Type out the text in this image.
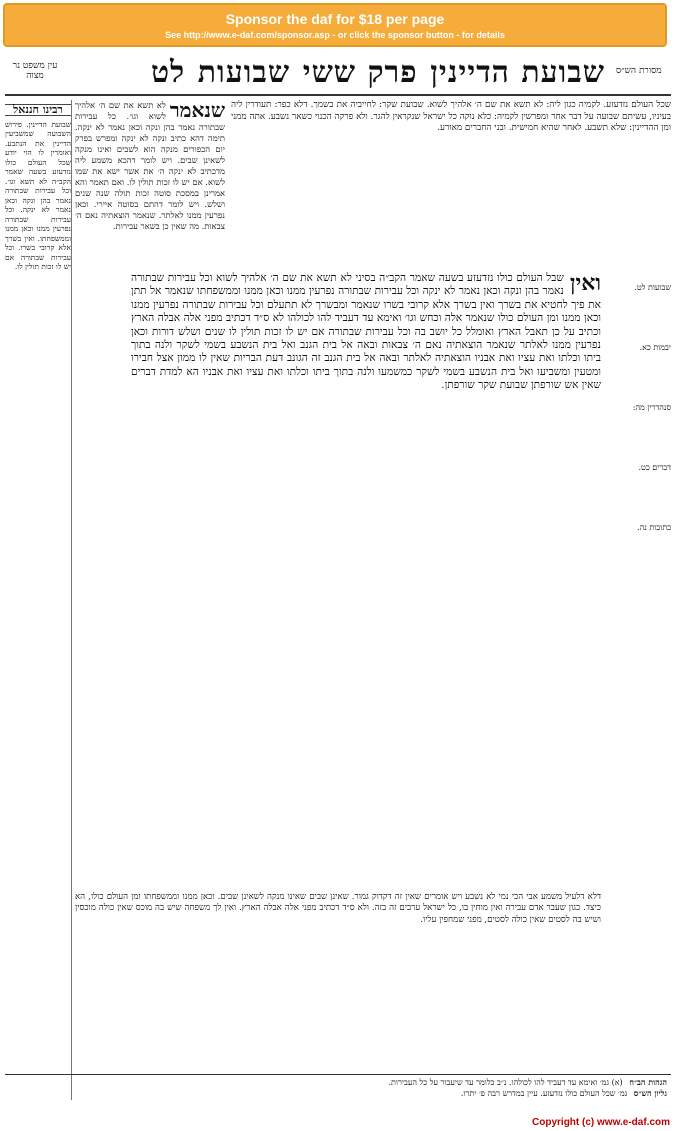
Sponsor the daf for $18 per page
See http://www.e-daf.com/sponsor.asp - or click the sponsor button - for details
מסורת הש״ס
שבועת הדיינין
פרק ששי
שבועות
לט
עין משפט נר מצוה
שכל העולם נזדעזע. לקמיה כגון ליה: לא תשא את שם ה׳ אלהיך לשוא. שבועת שקר: לחייביה את בשמך. דלא כפר: תעודרין ליה בעיניו, עשיתם שבועה על דבר אחר ומפרשין לקמיה: כלא נוקה כל ישראל שנקראין להגר. ולא פרקה הכנוי כשאר נשבע. אתה ממני ומן ההדיינין: שלא תשבע. לאחר שהיא חמישית. ובני החברים מאורע.
ואין
שבל העולם כולו נזדעזע בשעה שאמר הקב״ה בסיני לא תשא את שם ה׳ אלהיך לשוא וכל עבירות שבתורה נאמר בהן ונקה וכאן נאמר לא ינקה וכל עבירות שבתורה נפרעין ממנו וכאן ממנו וממשפחתו שנאמר אל תתן את פיך לחטיא את בשרך ואין בשרך אלא קרובי בשרו שנאמר ומבשרך לא תתעלם וכל עבירות שבתורה נפרעין ממנו וכאן ממנו ומן העולם כולו שנאמר אלה וכחש וגו׳ ואימא עד דעביד להו לכולהו לא ס״ד דכתיב מפני אלה אבלה הארץ וכתיב על כן תאבל הארץ ואומלל כל יושב בה וכל עבירות שבתורה אם יש לו זכות תולין לו שנים ושלש דורות וכאן נפרעין ממנו לאלתר שנאמר הוצאתיה נאם ה׳ צבאות ובאה אל בית הגנב ואל בית הנשבע בשמי לשקר ולנה בתוך ביתו וכלתו ואת עציו ואת אבניו הוצאתיה לאלתר ובאה אל בית הגנב זה הגונב דעת הבריות שאין לו ממון אצל חבירו ומטעין ומשביעו ואל בית הנשבע בשמי לשקר כמשמעו ולנה בתוך ביתו וכלתו ואת עציו ואת אבניו הא למדת דברים שאין אש שורפתן שבועת שקר שורפתן.
שנאמר
לא תשא את שם ה׳ אלהיך לשוא וגו׳. כל עבירות שבתורה נאמר בהן ונקה וכאן נאמר לא ינקה. תימה דהא כתיב ונקה לא ינקה ומפרש בפרק יום הכפורים מנקה הוא לשבים ואינו מנקה לשאינן שבים. ויש לומר דהכא משמע ליה מדכתיב לא ינקה ה׳ את אשר ישא את שמו לשוא. אם יש לו זכות תולין לו. ואם תאמר והא אמרינן במסכת סוטה זכות תולה שנה שנים ושלש. ויש לומר דהתם בסוטה איירי. וכאן נפרעין ממנו לאלתר. שנאמר הוצאתיה נאם ה׳ צבאות. מה שאין כן בשאר עבירות.
רבינו חננאל
שבועת הדיינין. פירוש השבועה שמשביעין הדיינין את הנתבע. ואומרין לו הוי יודע שכל העולם כולו נזדעזע בשעה שאמר הקב״ה לא תשא וגו׳. וכל עבירות שבתורה נאמר בהן ונקה וכאן נאמר לא ינקה. וכל עבירות שבתורה נפרעין ממנו וכאן ממנו וממשפחתו. ואין בשרך אלא קרובי בשרו. וכל עבירות שבתורה אם יש לו זכות תולין לו.
שבועות לט.
יבמות כא.
סנהדרין מה:
דברים כט.
כתובות נה.
דלא דלעיל משמע אבי הכי נמי לא נשבע ויש אומרים שאין זה דקדוק גמור. שאינן שבים שאינו מנקה לשאינן שבים. וכאן ממנו וממשפחתו ומן העולם כולו, הא כיצד. כגון שעבר אדם עבירה ואין מוחין בו, כל ישראל ערבים זה בזה. ולא ס״ד דכתיב מפני אלה אבלה הארץ. ואין לך משפחה שיש בה מוכס שאין כולה מוכסין ושיש בה לסטים שאין כולה לסטים, מפני שמחפין עליו.
הגהות הב״ח (א) גמ׳ ואימא עד דעביד להו לכולהו. נ״ב כלומר עד שיעבור על כל העבירות.
גליון הש״ס גמ׳ שכל העולם כולו נזדעזע. עיין במדרש רבה פ׳ יתרו.
Copyright (c) www.e-daf.com
